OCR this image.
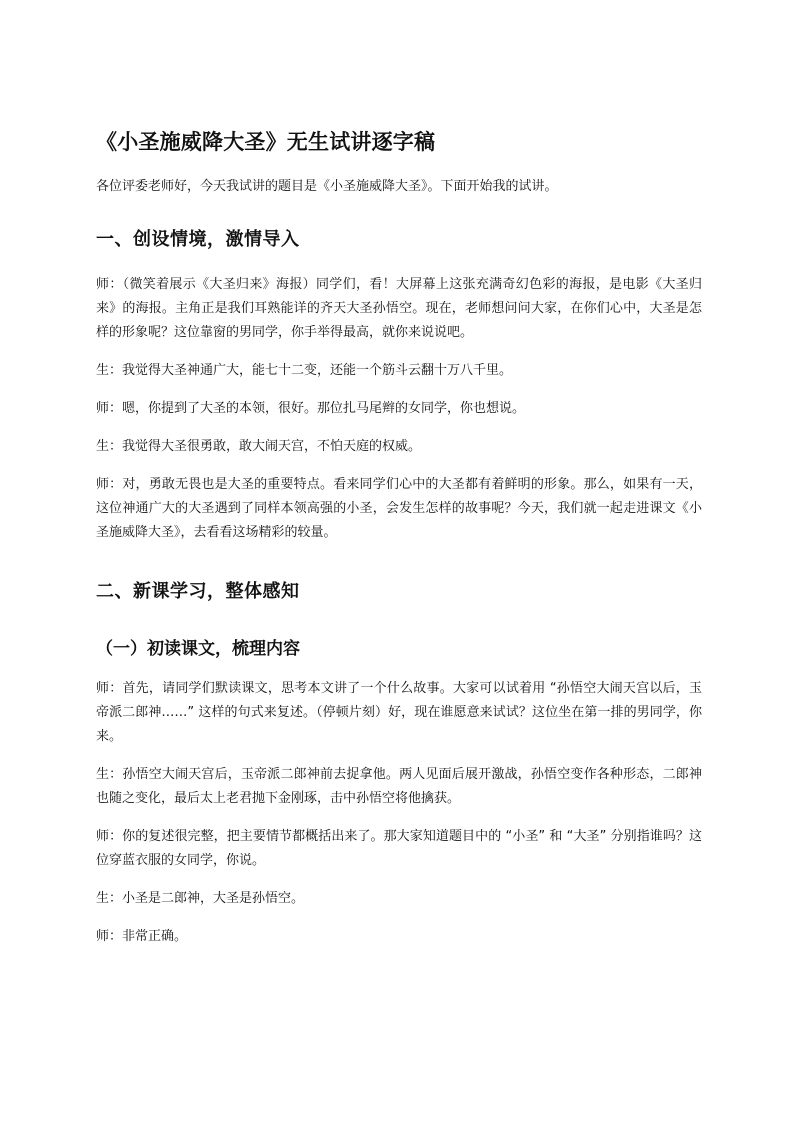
《小圣施威降大圣》无生试讲逐字稿
各位评委老师好，今天我试讲的题目是《小圣施威降大圣》。下面开始我的试讲。
一、创设情境，激情导入
师：（微笑着展示《大圣归来》海报）同学们，看！大屏幕上这张充满奇幻色彩的海报，是电影《大圣归来》的海报。主角正是我们耳熟能详的齐天大圣孙悟空。现在，老师想问问大家，在你们心中，大圣是怎样的形象呢？这位靠窗的男同学，你手举得最高，就你来说说吧。
生：我觉得大圣神通广大，能七十二变，还能一个筋斗云翻十万八千里。
师：嗯，你提到了大圣的本领，很好。那位扎马尾辫的女同学，你也想说。
生：我觉得大圣很勇敢，敢大闹天宫，不怕天庭的权威。
师：对，勇敢无畏也是大圣的重要特点。看来同学们心中的大圣都有着鲜明的形象。那么，如果有一天，这位神通广大的大圣遇到了同样本领高强的小圣，会发生怎样的故事呢？今天，我们就一起走进课文《小圣施威降大圣》，去看看这场精彩的较量。
二、新课学习，整体感知
（一）初读课文，梳理内容
师：首先，请同学们默读课文，思考本文讲了一个什么故事。大家可以试着用 “孙悟空大闹天宫以后，玉帝派二郎神……” 这样的句式来复述。（停顿片刻）好，现在谁愿意来试试？这位坐在第一排的男同学，你来。
生：孙悟空大闹天宫后，玉帝派二郎神前去捉拿他。两人见面后展开激战，孙悟空变作各种形态，二郎神也随之变化，最后太上老君抛下金刚琢，击中孙悟空将他擒获。
师：你的复述很完整，把主要情节都概括出来了。那大家知道题目中的 “小圣” 和 “大圣” 分别指谁吗？这位穿蓝衣服的女同学，你说。
生：小圣是二郎神，大圣是孙悟空。
师：非常正确。
